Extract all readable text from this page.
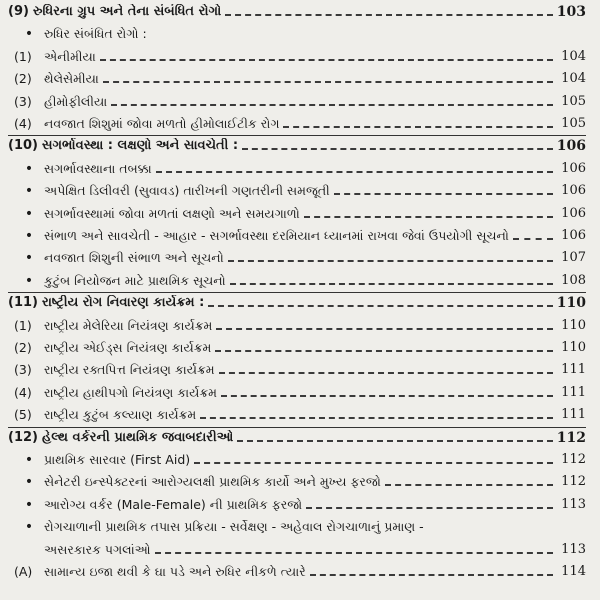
(9) રુધિરના ગ્રુપ અને તેના સંબંધિત રોગો	103
• રુધિર સંબંધિત રોગો :
(1) એનીમીયા	104
(2) થેલેસેમીયા	104
(3) હીમોફીલીયા	105
(4) નવજાત શિશુમાં જોવા મળતો હીમોલાઈટીક રોગ	105
(10) સગર્ભાવસ્થા : લક્ષણો અને સાવચેતી :	106
• સગર્ભાવસ્થાના તબક્કા	106
• અપેક્ષિત ડિલીવરી (સુવાવડ) તારીખની ગણતરીની સમજૂતી	106
• સગર્ભાવસ્થામાં જોવા મળતાં લક્ષણો અને સમયગાળો	106
• સંભાળ અને સાવચેતી - આહાર - સગર્ભાવસ્થા દરમિયાન ધ્યાનમાં રાખવા જેવાં ઉપયોગી સૂચનો	106
• નવજાત શિશુની સંભાળ અને સૂચનો	107
• કુટુંબ નિયોજન માટે પ્રાથમિક સૂચનો	108
(11) રાષ્ટ્રીય રોગ નિવારણ કાર્યક્રમ :	110
(1) રાષ્ટ્રીય મેલેરિયા નિયંત્રણ કાર્યક્રમ	110
(2) રાષ્ટ્રીય એઈડ્સ નિયંત્રણ કાર્યક્રમ	110
(3) રાષ્ટ્રીય રક્તપિત્ત નિયંત્રણ કાર્યક્રમ	111
(4) રાષ્ટ્રીય હાથીપગો નિયંત્રણ કાર્યક્રમ	111
(5) રાષ્ટ્રીય કુટુંબ કલ્યાણ કાર્યક્રમ	111
(12) હેલ્થ વર્કરની પ્રાથમિક જવાબદારીઓ	112
• પ્રાથમિક સારવાર (First Aid)	112
• સેનેટરી ઇન્સ્પેક્ટરનાં આરોગ્યલક્ષી પ્રાથમિક કાર્યો અને મુખ્ય ફરજો	112
• આરોગ્ય વર્કર (Male-Female) ની પ્રાથમિક ફરજો	113
• રોગચાળાની પ્રાથમિક તપાસ પ્રક્રિયા - સર્વેક્ષણ - અહેવાલ રોગચાળાનું પ્રમાણ -
અસરકારક પગલાંઓ	113
(A) સામાન્ય ઇજા થવી કે ઘા પડે અને રુધિર નીકળે ત્યારે	114
